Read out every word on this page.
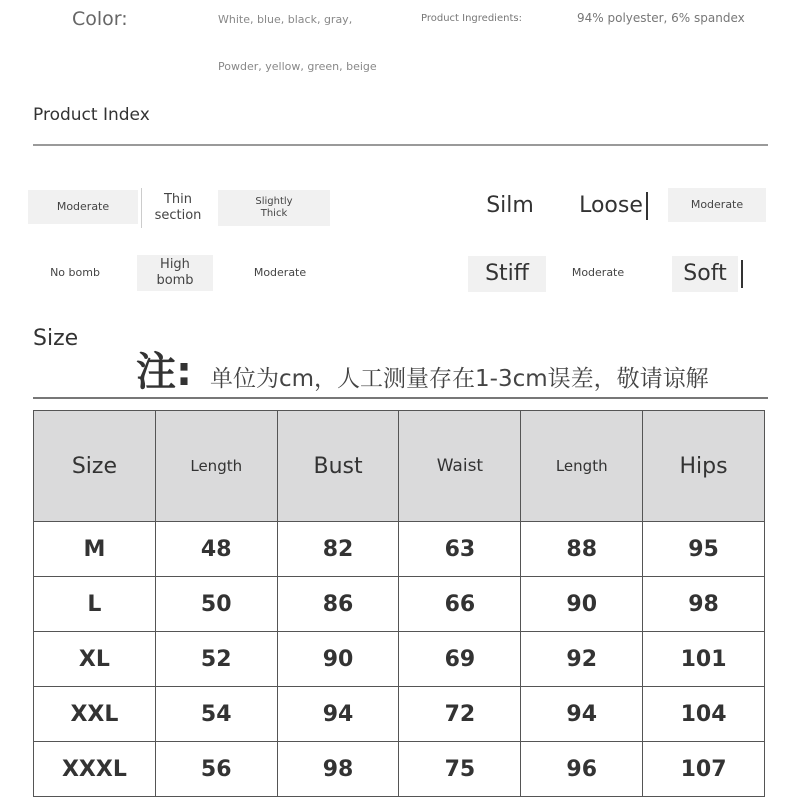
Color:	White, blue, black, gray,
Powder, yellow, green, beige
Product Ingredients:	94% polyester, 6% spandex
Product Index
Moderate	Thin
section
Slightly
Thick	Silm	Loose	Moderate
No bomb
High
bomb
Moderate	Stiff	Moderate	Soft
Size
注: 单位为cm，人工测量存在1-3cm误差，敬请谅解
Size	Length	Bust	Waist	Length	Hips
M	48	82	63	88	95
L	50	86	66	90	98
XL	52	90	69	92	101
XXL	54	94	72	94	104
XXXL	56	98	75	96	107
